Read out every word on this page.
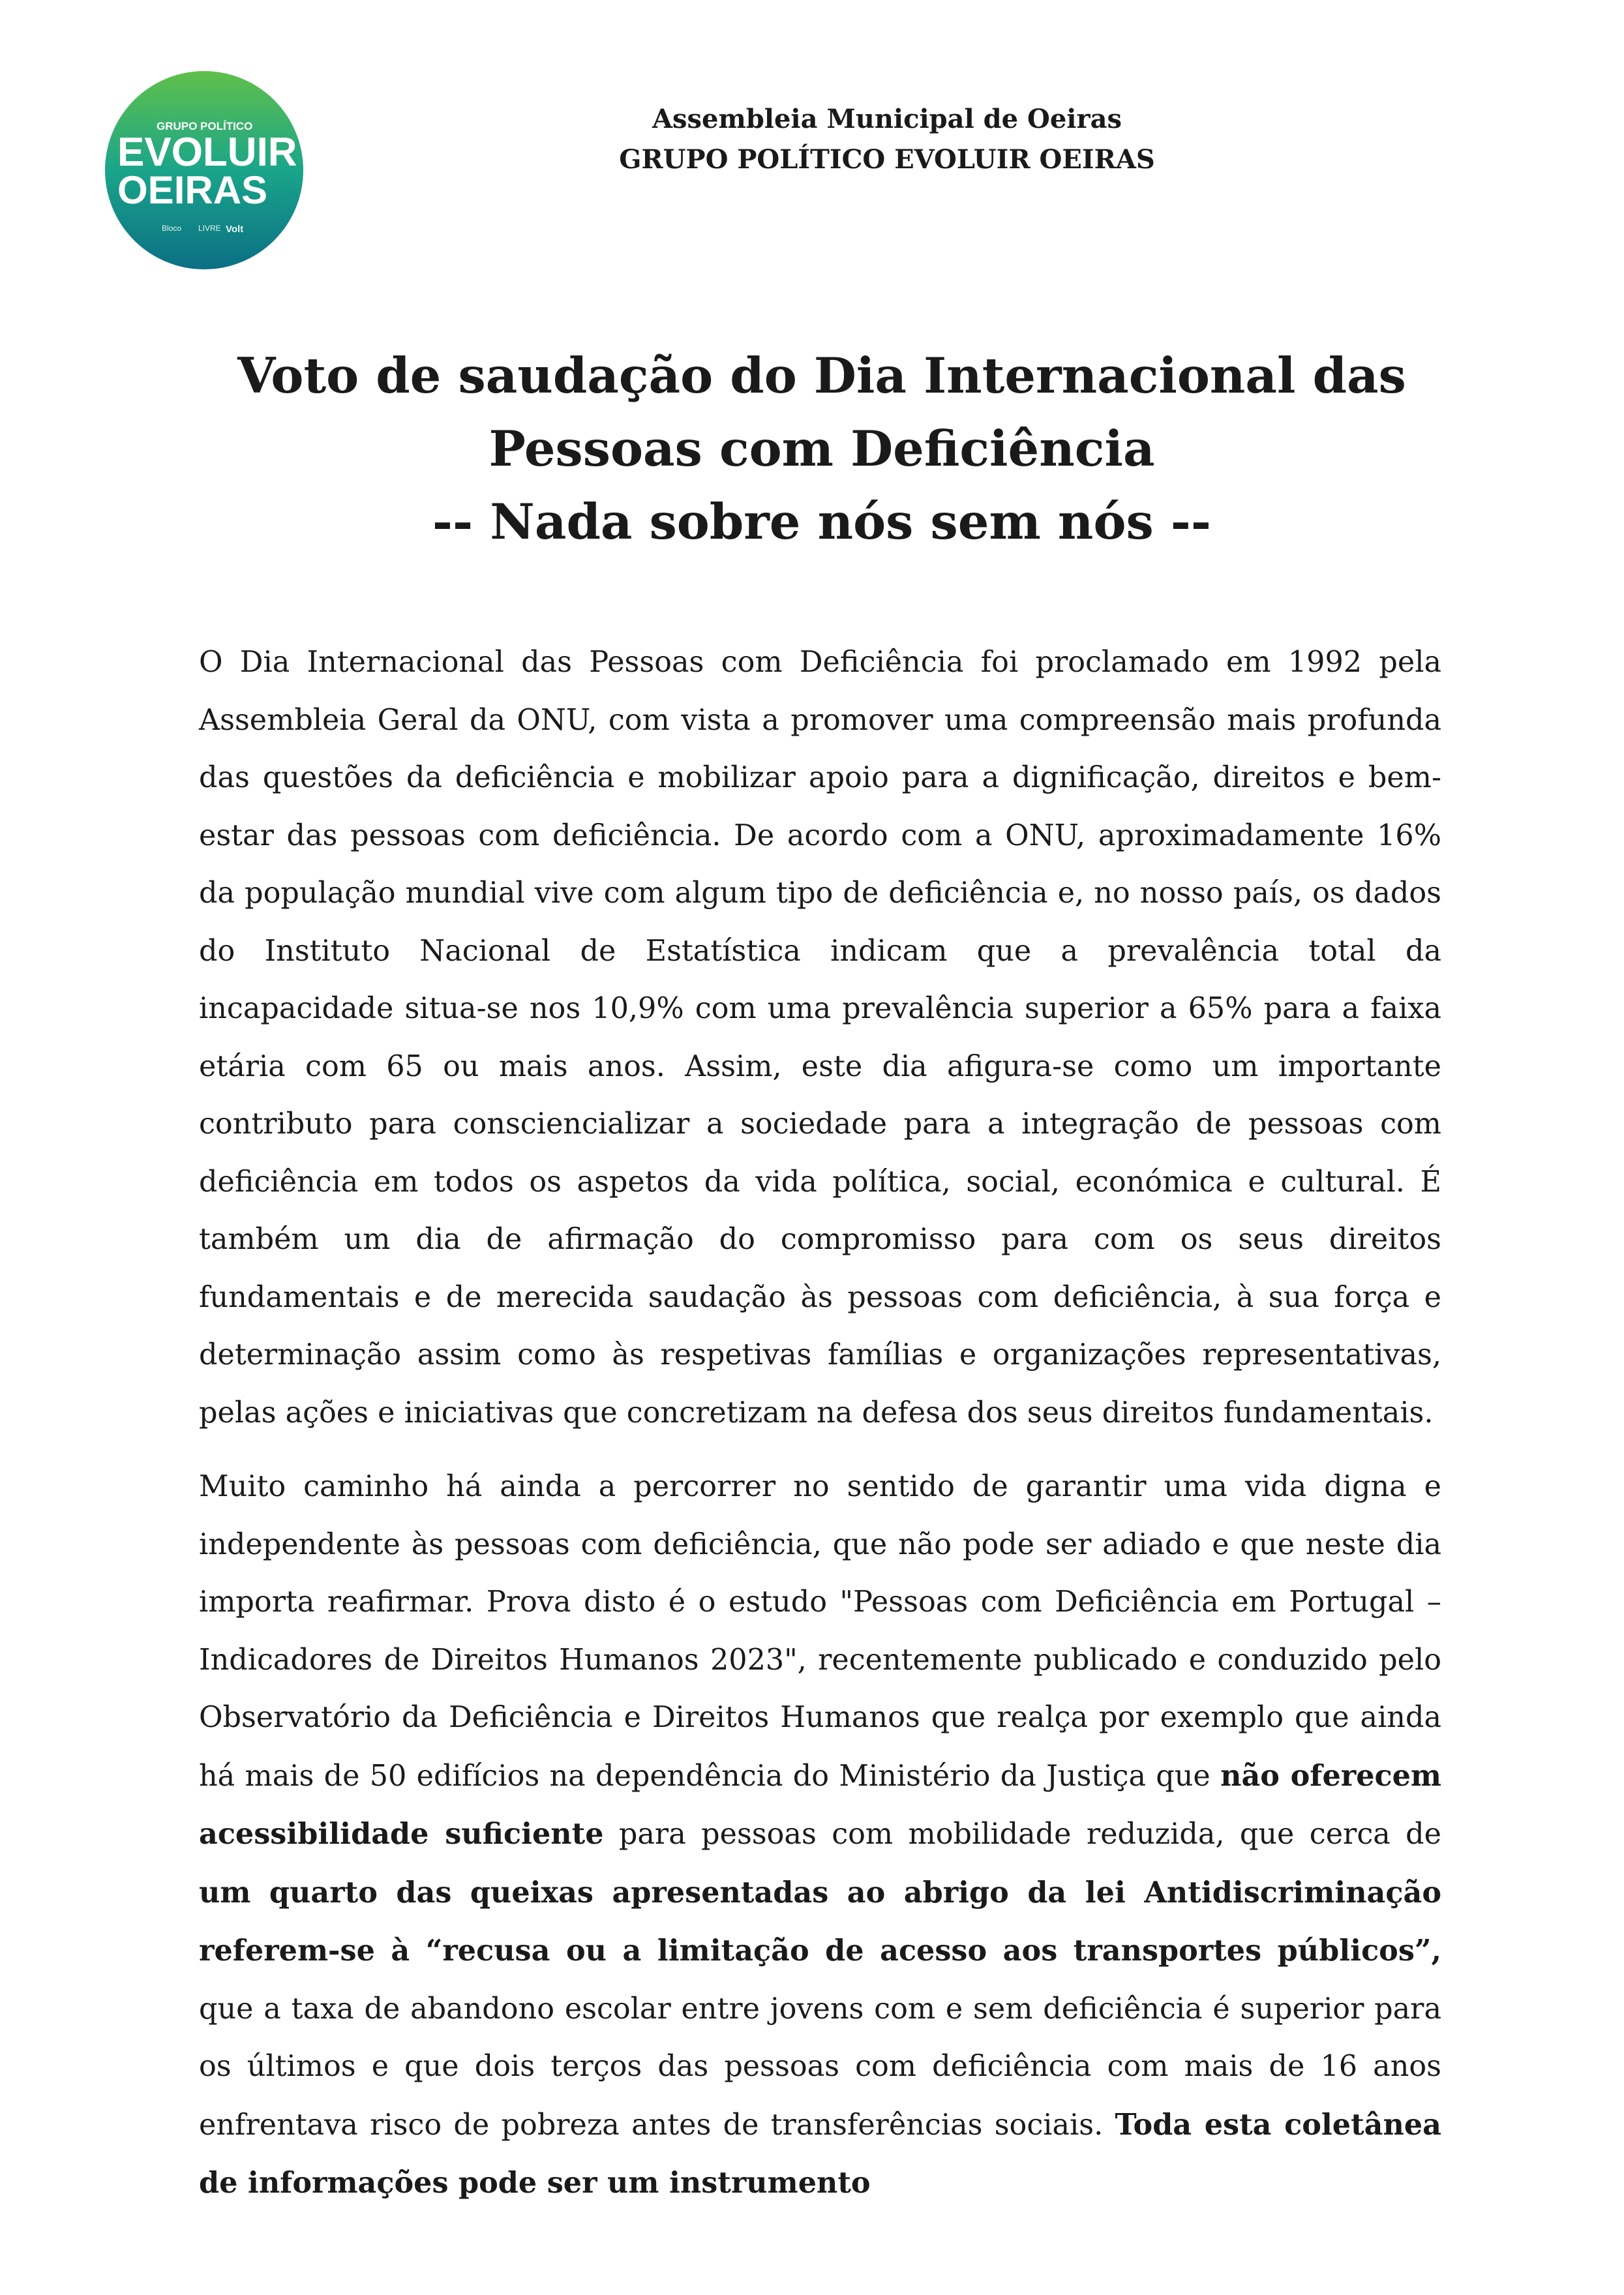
GRUPO POLÍTICO
EVOLUIR
OEIRAS
Bloco LIVRE Volt
Assembleia Municipal de Oeiras
GRUPO POLÍTICO EVOLUIR OEIRAS
Voto de saudação do Dia Internacional das
Pessoas com Deficiência
-- Nada sobre nós sem nós --

O Dia Internacional das Pessoas com Deficiência foi proclamado em 1992 pela Assembleia Geral da ONU, com vista a promover uma compreensão mais profunda das questões da deficiência e mobilizar apoio para a dignificação, direitos e bem-estar das pessoas com deficiência. De acordo com a ONU, aproximadamente 16% da população mundial vive com algum tipo de deficiência e, no nosso país, os dados do Instituto Nacional de Estatística indicam que a prevalência total da incapacidade situa-se nos 10,9% com uma prevalência superior a 65% para a faixa etária com 65 ou mais anos. Assim, este dia afigura-se como um importante contributo para consciencializar a sociedade para a integração de pessoas com deficiência em todos os aspetos da vida política, social, económica e cultural. É também um dia de afirmação do compromisso para com os seus direitos fundamentais e de merecida saudação às pessoas com deficiência, à sua força e determinação assim como às respetivas famílias e organizações representativas, pelas ações e iniciativas que concretizam na defesa dos seus direitos fundamentais.

Muito caminho há ainda a percorrer no sentido de garantir uma vida digna e independente às pessoas com deficiência, que não pode ser adiado e que neste dia importa reafirmar. Prova disto é o estudo "Pessoas com Deficiência em Portugal – Indicadores de Direitos Humanos 2023", recentemente publicado e conduzido pelo Observatório da Deficiência e Direitos Humanos que realça por exemplo que ainda há mais de 50 edifícios na dependência do Ministério da Justiça que não oferecem acessibilidade suficiente para pessoas com mobilidade reduzida, que cerca de um quarto das queixas apresentadas ao abrigo da lei Antidiscriminação referem-se à “recusa ou a limitação de acesso aos transportes públicos”, que a taxa de abandono escolar entre jovens com e sem deficiência é superior para os últimos e que dois terços das pessoas com deficiência com mais de 16 anos enfrentava risco de pobreza antes de transferências sociais. Toda esta coletânea de informações pode ser um instrumento
